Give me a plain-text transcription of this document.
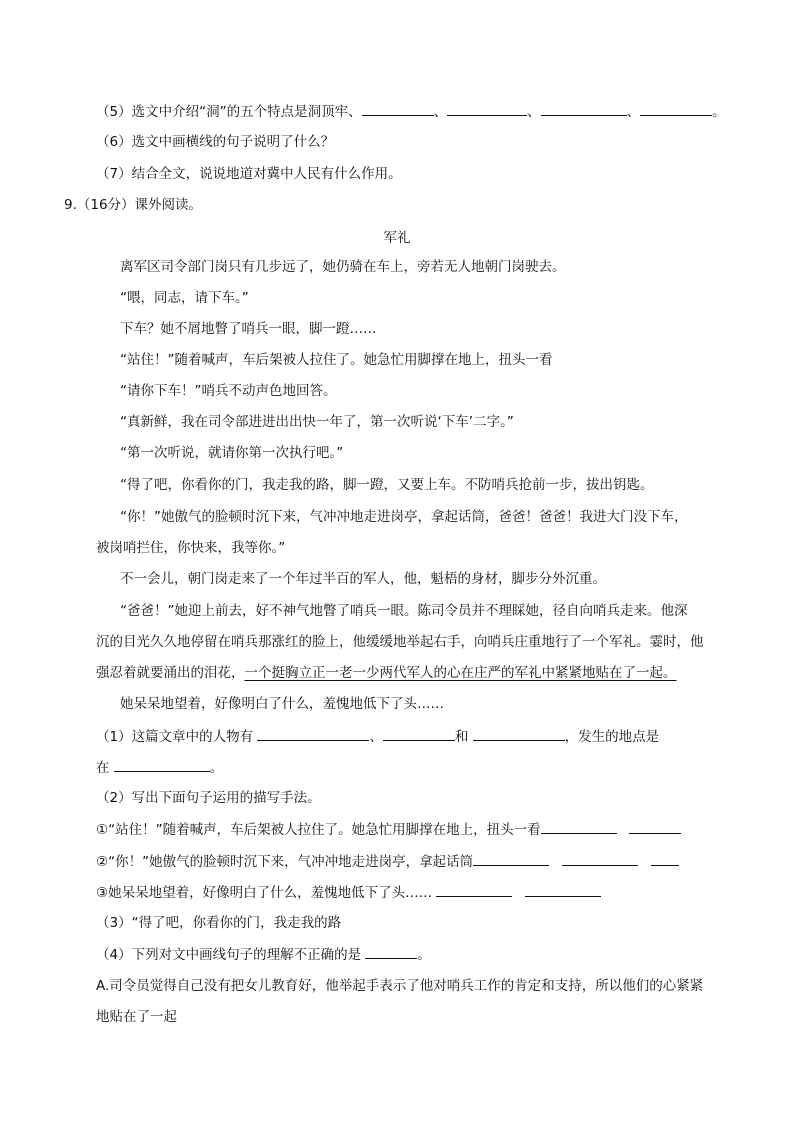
（5）选文中介绍“洞”的五个特点是洞顶牢、	、	、	、	。
（6）选文中画横线的句子说明了什么？
（7）结合全文，说说地道对冀中人民有什么作用。
9.（16分）课外阅读。
军礼
离军区司令部门岗只有几步远了，她仍骑在车上，旁若无人地朝门岗驶去。
“喂，同志，请下车。”
下车？她不屑地瞥了哨兵一眼，脚一蹬……
“站住！”随着喊声，车后架被人拉住了。她急忙用脚撑在地上，扭头一看
“请你下车！”哨兵不动声色地回答。
“真新鲜，我在司令部进进出出快一年了，第一次听说‘下车’二字。”
“第一次听说，就请你第一次执行吧。”
“得了吧，你看你的门，我走我的路，脚一蹬，又要上车。不防哨兵抢前一步，拔出钥匙。
“你！”她傲气的脸顿时沉下来，气冲冲地走进岗亭，拿起话筒，爸爸！爸爸！我进大门没下车，
被岗哨拦住，你快来，我等你。”
不一会儿，朝门岗走来了一个年过半百的军人，他，魁梧的身材，脚步分外沉重。
“爸爸！”她迎上前去，好不神气地瞥了哨兵一眼。陈司令员并不理睬她，径自向哨兵走来。他深
沉的目光久久地停留在哨兵那涨红的脸上，他缓缓地举起右手，向哨兵庄重地行了一个军礼。霎时，他
强忍着就要涌出的泪花，一个挺胸立正一老一少两代军人的心在庄严的军礼中紧紧地贴在了一起。
她呆呆地望着，好像明白了什么，羞愧地低下了头……
（1）这篇文章中的人物有	、	和	，发生的地点是
在	。
（2）写出下面句子运用的描写手法。
①“站住！”随着喊声，车后架被人拉住了。她急忙用脚撑在地上，扭头一看
②“你！”她傲气的脸顿时沉下来，气冲冲地走进岗亭，拿起话筒
③她呆呆地望着，好像明白了什么，羞愧地低下了头……
（3）“得了吧，你看你的门，我走我的路
（4）下列对文中画线句子的理解不正确的是	。
A.司令员觉得自己没有把女儿教育好，他举起手表示了他对哨兵工作的肯定和支持，所以他们的心紧紧
地贴在了一起
